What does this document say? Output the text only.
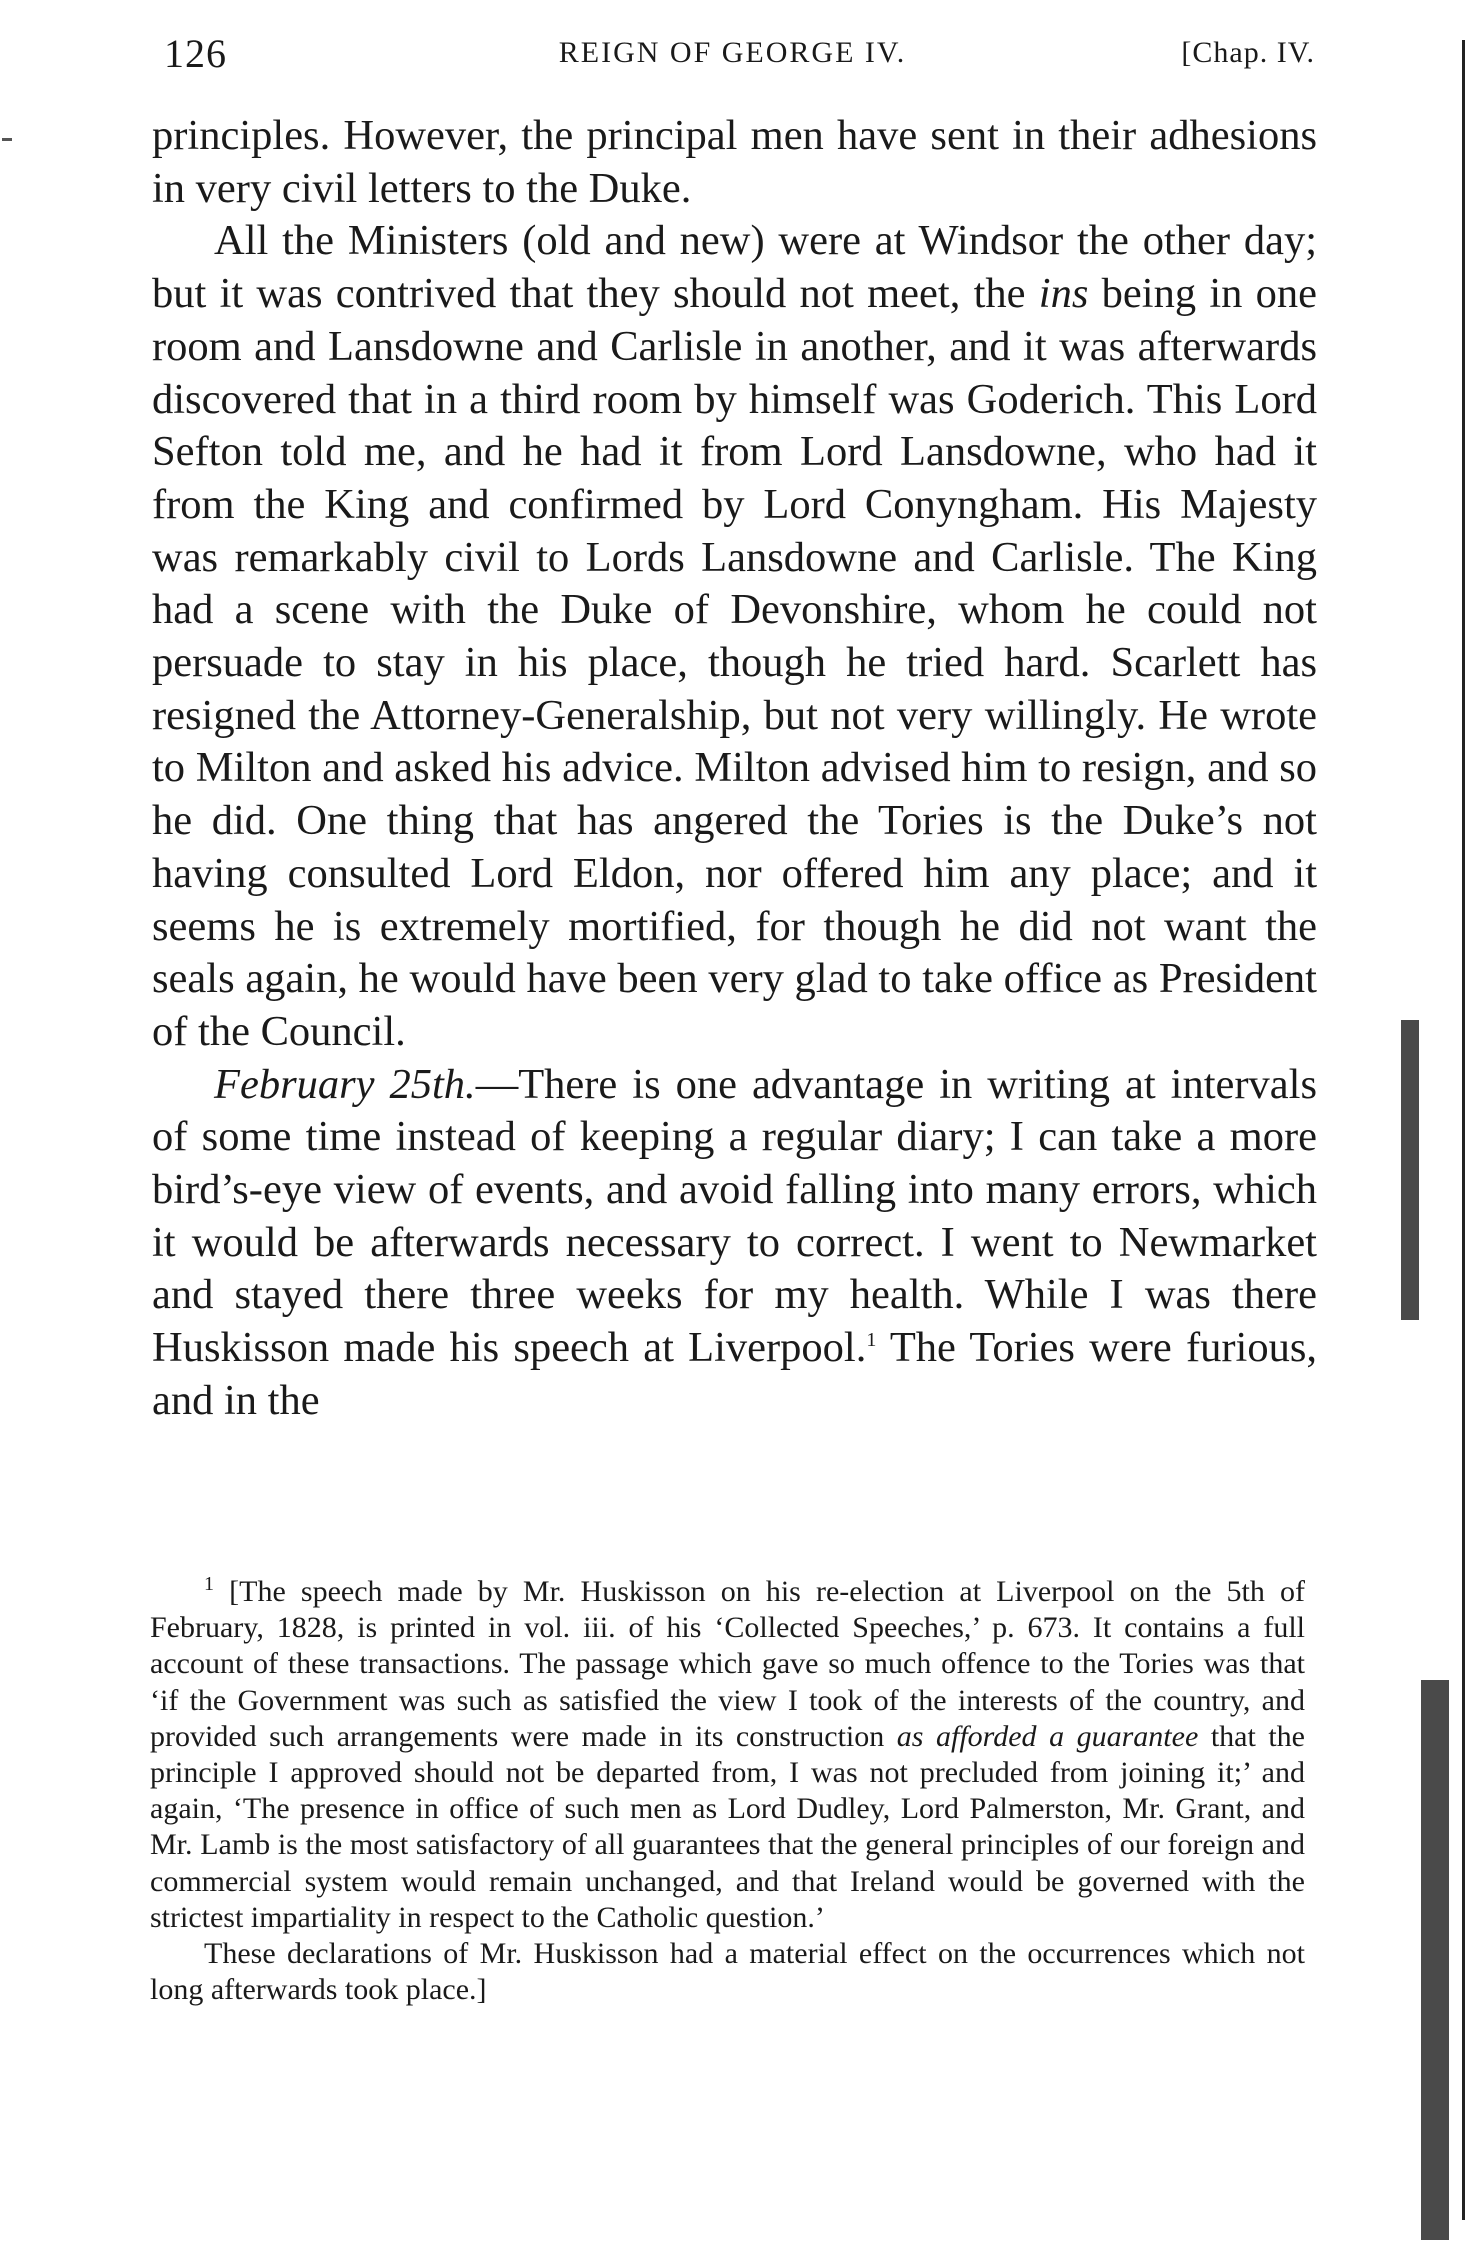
126	REIGN OF GEORGE IV.	[Chap. IV.

principles. However, the principal men have sent in their adhesions in very civil letters to the Duke.

All the Ministers (old and new) were at Windsor the other day; but it was contrived that they should not meet, the ins being in one room and Lansdowne and Carlisle in another, and it was afterwards discovered that in a third room by himself was Goderich. This Lord Sefton told me, and he had it from Lord Lansdowne, who had it from the King and confirmed by Lord Conyngham. His Majesty was remarkably civil to Lords Lansdowne and Carlisle. The King had a scene with the Duke of Devonshire, whom he could not persuade to stay in his place, though he tried hard. Scarlett has resigned the Attorney-Generalship, but not very willingly. He wrote to Milton and asked his advice. Milton advised him to resign, and so he did. One thing that has angered the Tories is the Duke’s not having consulted Lord Eldon, nor offered him any place; and it seems he is extremely mortified, for though he did not want the seals again, he would have been very glad to take office as President of the Council.

February 25th.—There is one advantage in writing at intervals of some time instead of keeping a regular diary; I can take a more bird’s-eye view of events, and avoid falling into many errors, which it would be afterwards necessary to correct. I went to Newmarket and stayed there three weeks for my health. While I was there Huskisson made his speech at Liverpool.$^1$ The Tories were furious, and in the

$^1$ [The speech made by Mr. Huskisson on his re-election at Liverpool on the 5th of February, 1828, is printed in vol. iii. of his ‘Collected Speeches,’ p. 673. It contains a full account of these transactions. The passage which gave so much offence to the Tories was that ‘if the Government was such as satisfied the view I took of the interests of the country, and provided such arrangements were made in its construction as afforded a guarantee that the principle I approved should not be departed from, I was not precluded from joining it;’ and again, ‘The presence in office of such men as Lord Dudley, Lord Palmerston, Mr. Grant, and Mr. Lamb is the most satisfactory of all guarantees that the general principles of our foreign and commercial system would remain unchanged, and that Ireland would be governed with the strictest impartiality in respect to the Catholic question.’

These declarations of Mr. Huskisson had a material effect on the occurrences which not long afterwards took place.]
